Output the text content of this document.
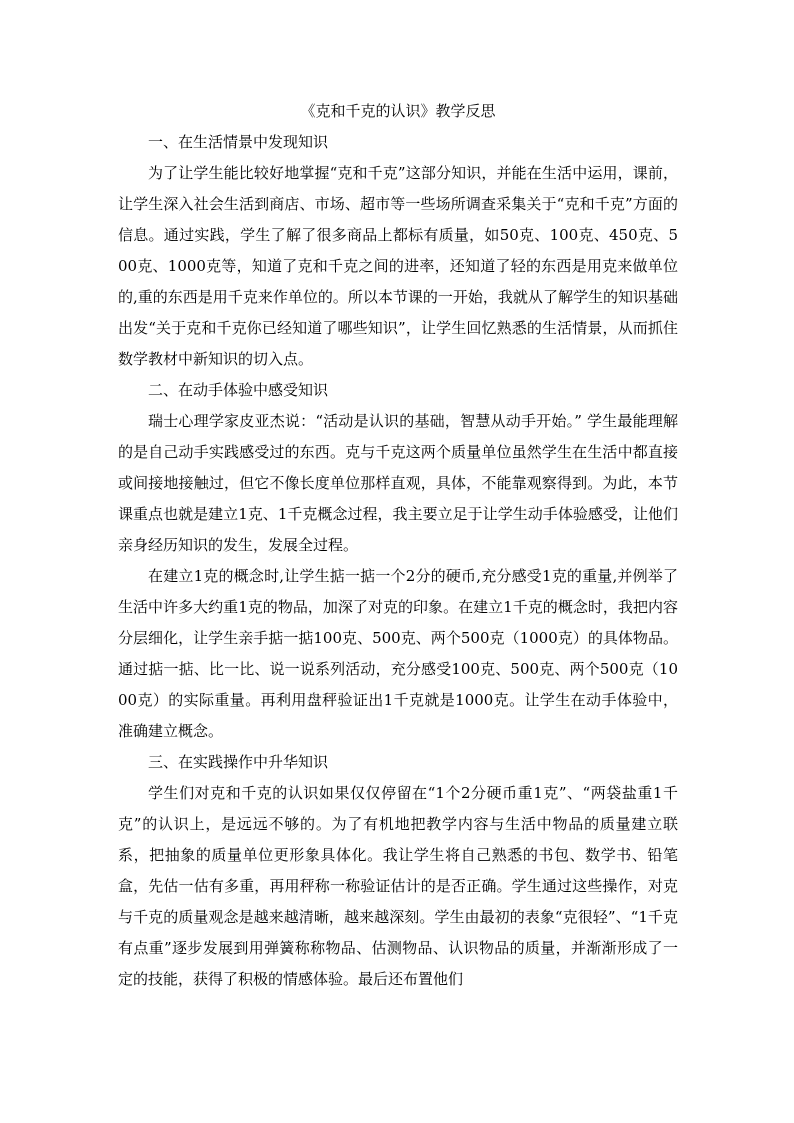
《克和千克的认识》教学反思

一、在生活情景中发现知识

为了让学生能比较好地掌握“克和千克”这部分知识，并能在生活中运用，课前，让学生深入社会生活到商店、市场、超市等一些场所调查采集关于“克和千克”方面的信息。通过实践，学生了解了很多商品上都标有质量，如50克、100克、450克、500克、1000克等，知道了克和千克之间的进率，还知道了轻的东西是用克来做单位的,重的东西是用千克来作单位的。所以本节课的一开始，我就从了解学生的知识基础出发“关于克和千克你已经知道了哪些知识”，让学生回忆熟悉的生活情景，从而抓住数学教材中新知识的切入点。

二、在动手体验中感受知识

瑞士心理学家皮亚杰说：“活动是认识的基础，智慧从动手开始。” 学生最能理解的是自己动手实践感受过的东西。克与千克这两个质量单位虽然学生在生活中都直接或间接地接触过，但它不像长度单位那样直观，具体，不能靠观察得到。为此，本节课重点也就是建立1克、1千克概念过程，我主要立足于让学生动手体验感受，让他们亲身经历知识的发生，发展全过程。

在建立1克的概念时,让学生掂一掂一个2分的硬币,充分感受1克的重量,并例举了生活中许多大约重1克的物品，加深了对克的印象。在建立1千克的概念时，我把内容分层细化，让学生亲手掂一掂100克、500克、两个500克（1000克）的具体物品。通过掂一掂、比一比、说一说系列活动，充分感受100克、500克、两个500克（1000克）的实际重量。再利用盘秤验证出1千克就是1000克。让学生在动手体验中，准确建立概念。

三、在实践操作中升华知识

学生们对克和千克的认识如果仅仅停留在“1个2分硬币重1克”、“两袋盐重1千克”的认识上，是远远不够的。为了有机地把教学内容与生活中物品的质量建立联系，把抽象的质量单位更形象具体化。我让学生将自己熟悉的书包、数学书、铅笔盒，先估一估有多重，再用秤称一称验证估计的是否正确。学生通过这些操作，对克与千克的质量观念是越来越清晰，越来越深刻。学生由最初的表象“克很轻”、“1千克有点重”逐步发展到用弹簧称称物品、估测物品、认识物品的质量，并渐渐形成了一定的技能，获得了积极的情感体验。最后还布置他们
